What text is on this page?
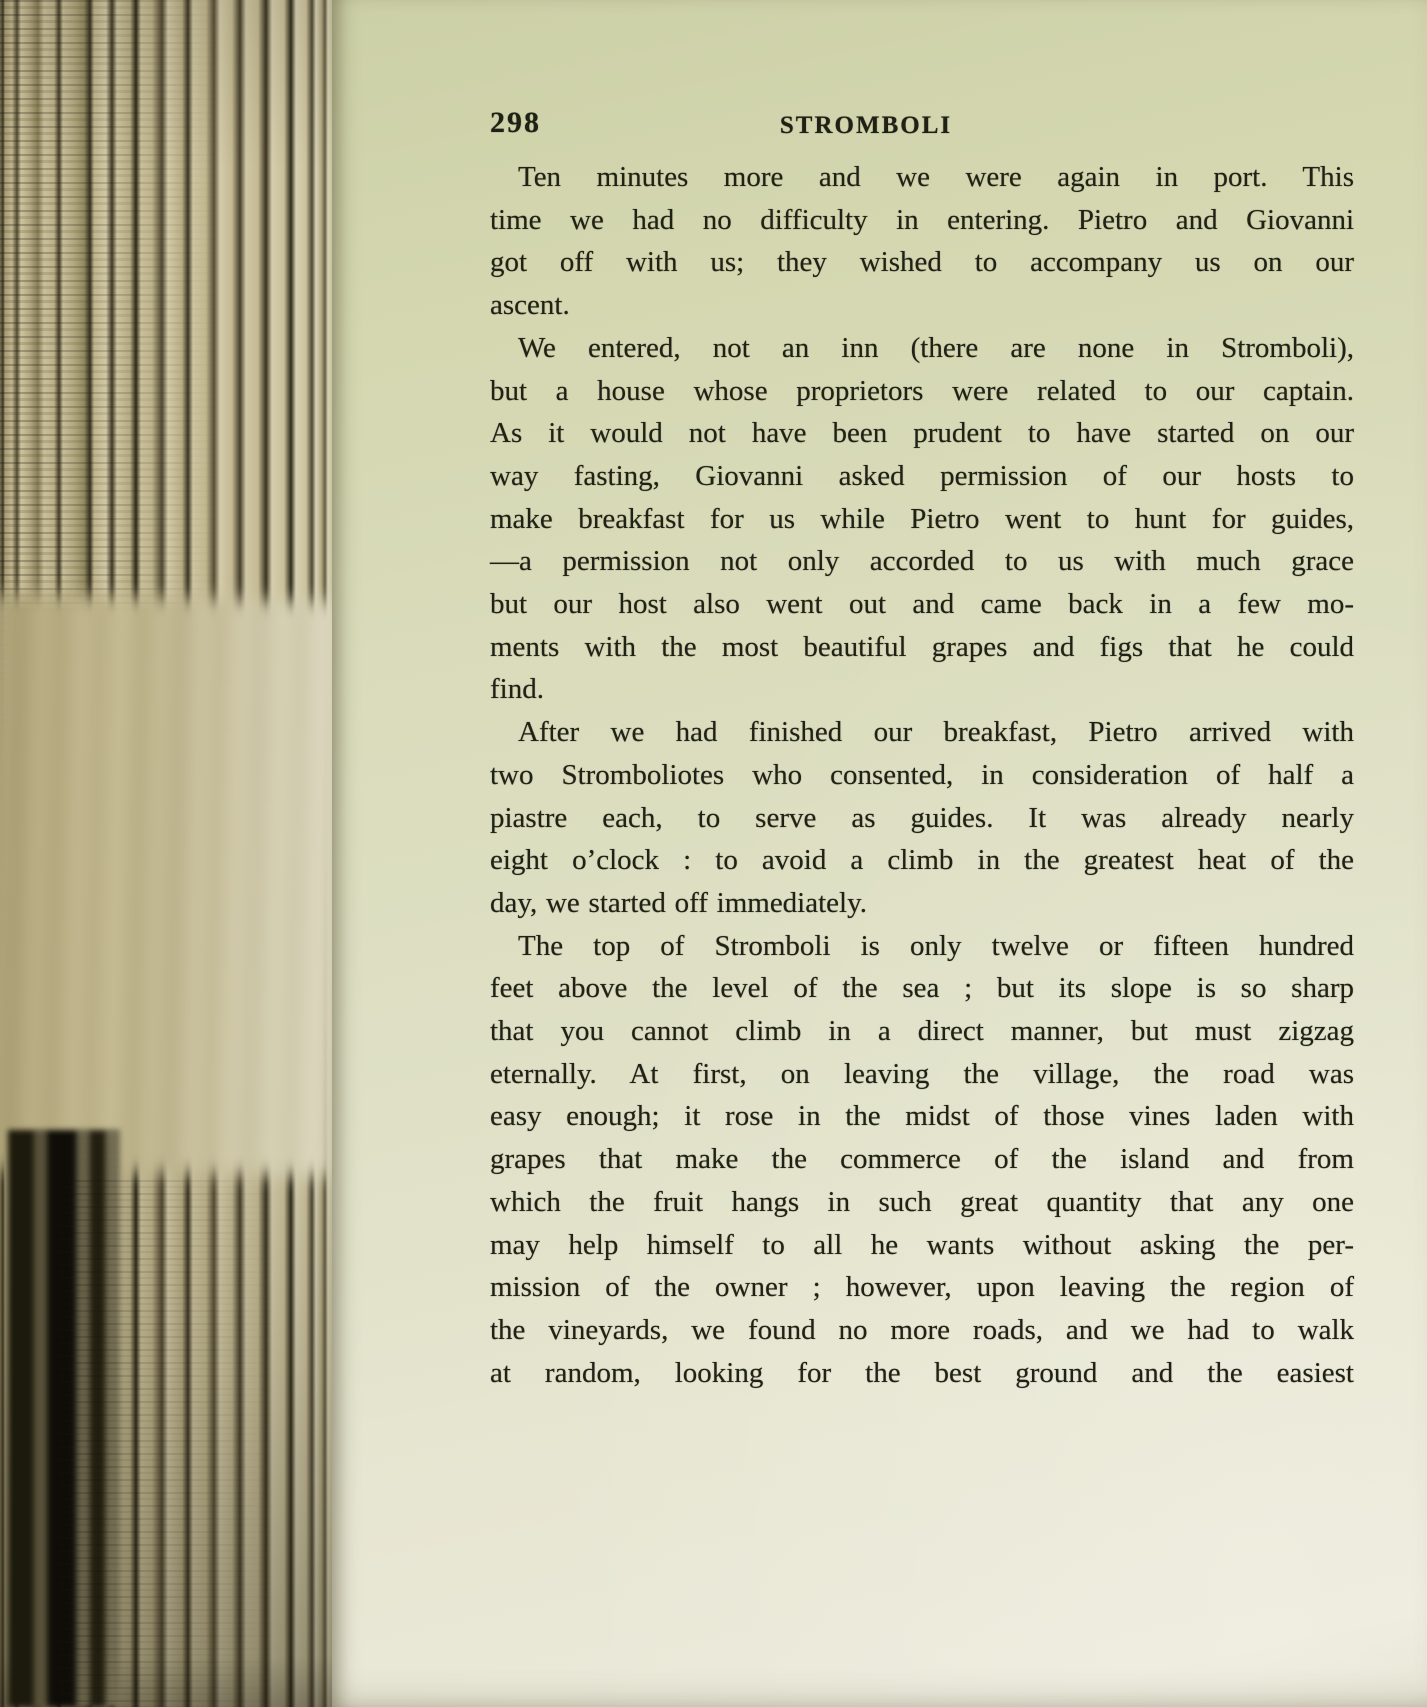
298	STROMBOLI

Ten minutes more and we were again in port. This
time we had no difficulty in entering. Pietro and Giovanni
got off with us; they wished to accompany us on our
ascent.

We entered, not an inn (there are none in Stromboli),
but a house whose proprietors were related to our captain.
As it would not have been prudent to have started on our
way fasting, Giovanni asked permission of our hosts to
make breakfast for us while Pietro went to hunt for guides,
—a permission not only accorded to us with much grace
but our host also went out and came back in a few mo-
ments with the most beautiful grapes and figs that he could
find.

After we had finished our breakfast, Pietro arrived with
two Stromboliotes who consented, in consideration of half a
piastre each, to serve as guides. It was already nearly
eight o’clock : to avoid a climb in the greatest heat of the
day, we started off immediately.

The top of Stromboli is only twelve or fifteen hundred
feet above the level of the sea ; but its slope is so sharp
that you cannot climb in a direct manner, but must zigzag
eternally. At first, on leaving the village, the road was
easy enough; it rose in the midst of those vines laden with
grapes that make the commerce of the island and from
which the fruit hangs in such great quantity that any one
may help himself to all he wants without asking the per-
mission of the owner ; however, upon leaving the region of
the vineyards, we found no more roads, and we had to walk
at random, looking for the best ground and the easiest
